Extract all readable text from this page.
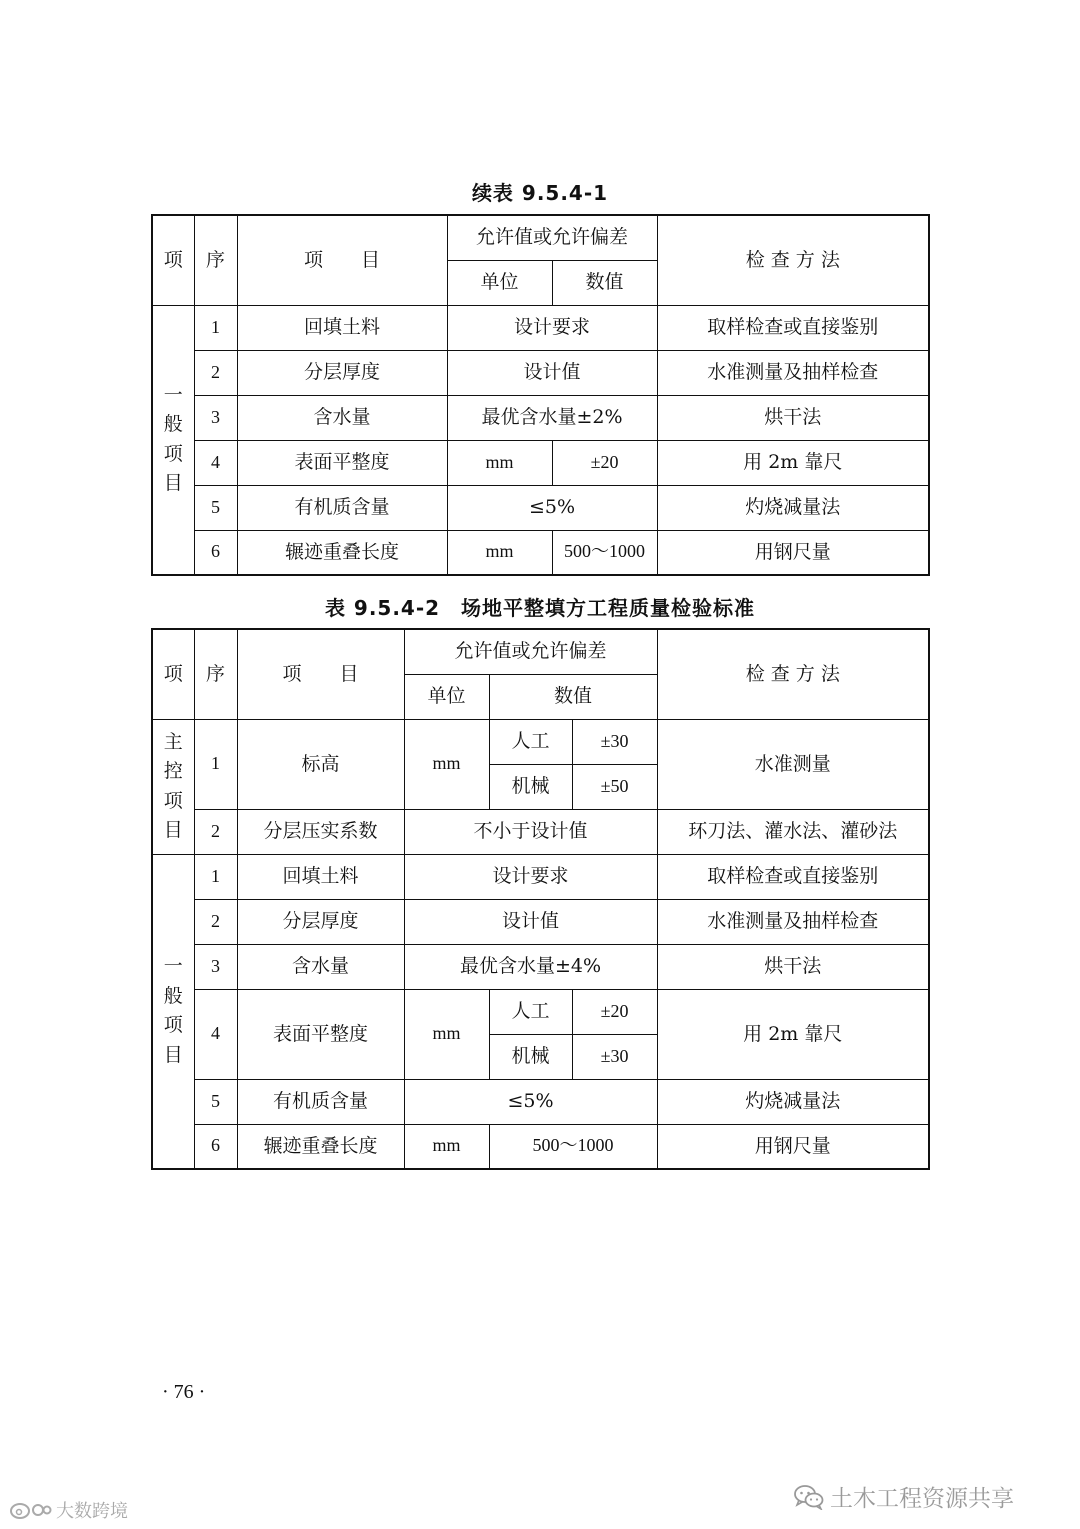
续表 9.5.4-1
项	序	项　　目	允许值或允许偏差		检 查 方 法
			单位	数值	
一
般
项
目	1	回填土料	设计要求		取样检查或直接鉴别
	2	分层厚度	设计值		水准测量及抽样检查
	3	含水量	最优含水量±2%		烘干法
	4	表面平整度	mm	±20	用 2m 靠尺
	5	有机质含量	≤5%		灼烧减量法
	6	辗迹重叠长度	mm	500～1000	用钢尺量
表 9.5.4-2　场地平整填方工程质量检验标准
项	序	项　　目	允许值或允许偏差			检 查 方 法
			单位	数值		
主
控
项
目	1	标高	mm	人工	±30	水准测量
				机械	±50	
	2	分层压实系数	不小于设计值			环刀法、灌水法、灌砂法
一
般
项
目	1	回填土料	设计要求			取样检查或直接鉴别
	2	分层厚度	设计值			水准测量及抽样检查
	3	含水量	最优含水量±4%			烘干法
	4	表面平整度	mm	人工	±20	用 2m 靠尺
				机械	±30	
	5	有机质含量	≤5%			灼烧减量法
	6	辗迹重叠长度	mm	500～1000		用钢尺量
· 76 ·
大数跨境	土木工程资源共享
